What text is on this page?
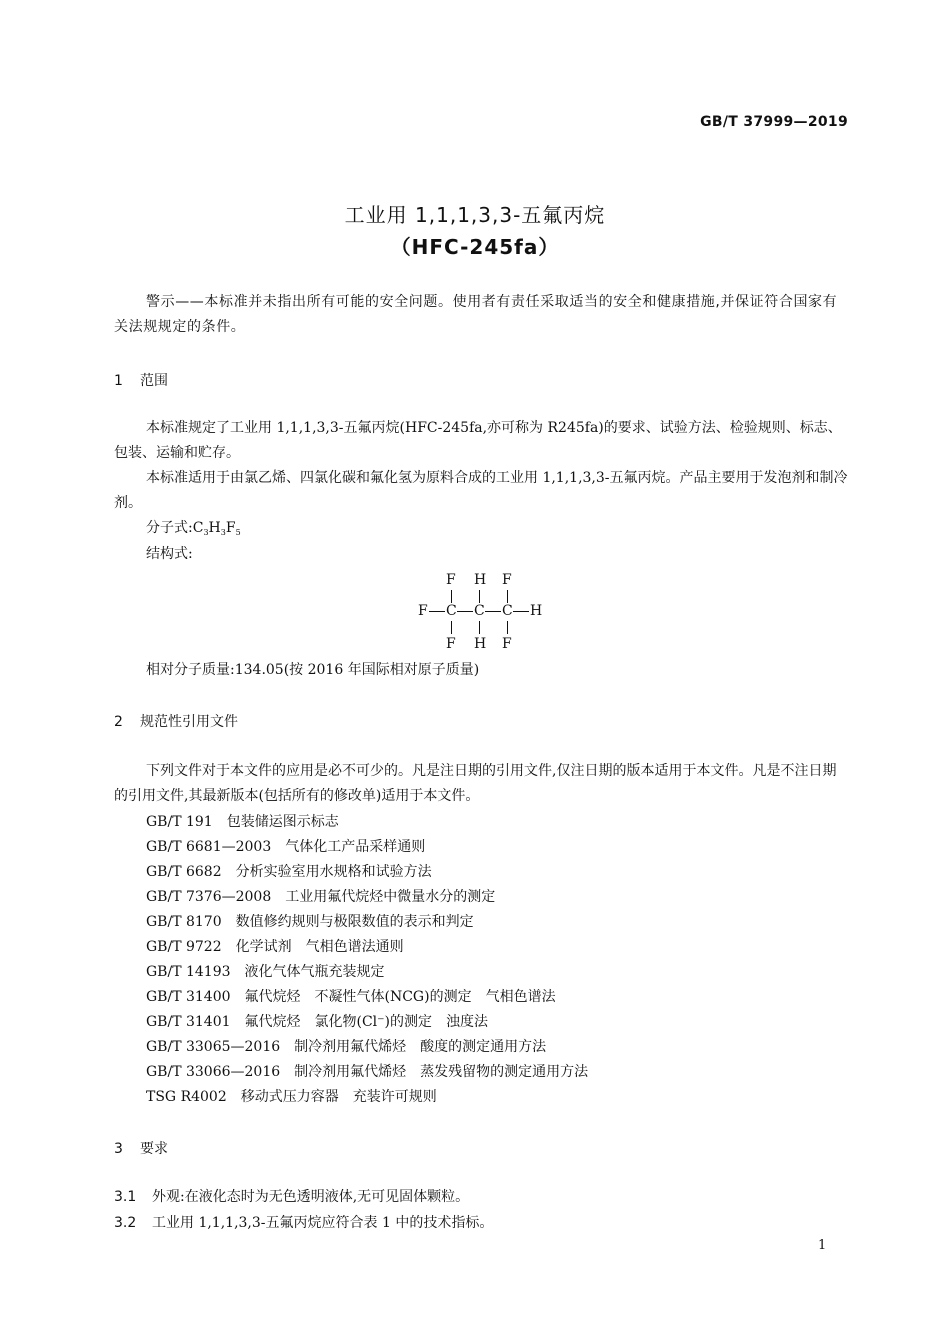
GB/T 37999—2019
工业用 1,1,1,3,3-五氟丙烷
（HFC-245fa）
警示——本标准并未指出所有可能的安全问题。使用者有责任采取适当的安全和健康措施,并保证符合国家有关法规规定的条件。
1 范围
本标准规定了工业用 1,1,1,3,3-五氟丙烷(HFC-245fa,亦可称为 R245fa)的要求、试验方法、检验规则、标志、包装、运输和贮存。
本标准适用于由氯乙烯、四氯化碳和氟化氢为原料合成的工业用 1,1,1,3,3-五氟丙烷。产品主要用于发泡剂和制冷剂。
分子式$:C_3H_3F_5$
结构式:
F H F
F C C C H
F H F
相对分子质量:134.05(按 2016 年国际相对原子质量)
2 规范性引用文件
下列文件对于本文件的应用是必不可少的。凡是注日期的引用文件,仅注日期的版本适用于本文件。凡是不注日期的引用文件,其最新版本(包括所有的修改单)适用于本文件。
GB/T 191　包装储运图示标志
GB/T 6681—2003　气体化工产品采样通则
GB/T 6682　分析实验室用水规格和试验方法
GB/T 7376—2008　工业用氟代烷烃中微量水分的测定
GB/T 8170　数值修约规则与极限数值的表示和判定
GB/T 9722　化学试剂　气相色谱法通则
GB/T 14193　液化气体气瓶充装规定
GB/T 31400　氟代烷烃　不凝性气体(NCG)的测定　气相色谱法
GB/T 31401　氟代烷烃　氯化物(Cl⁻)的测定　浊度法
GB/T 33065—2016　制冷剂用氟代烯烃　酸度的测定通用方法
GB/T 33066—2016　制冷剂用氟代烯烃　蒸发残留物的测定通用方法
TSG R4002　移动式压力容器　充装许可规则
3 要求
3.1 外观:在液化态时为无色透明液体,无可见固体颗粒。
3.2 工业用 1,1,1,3,3-五氟丙烷应符合表 1 中的技术指标。
1
